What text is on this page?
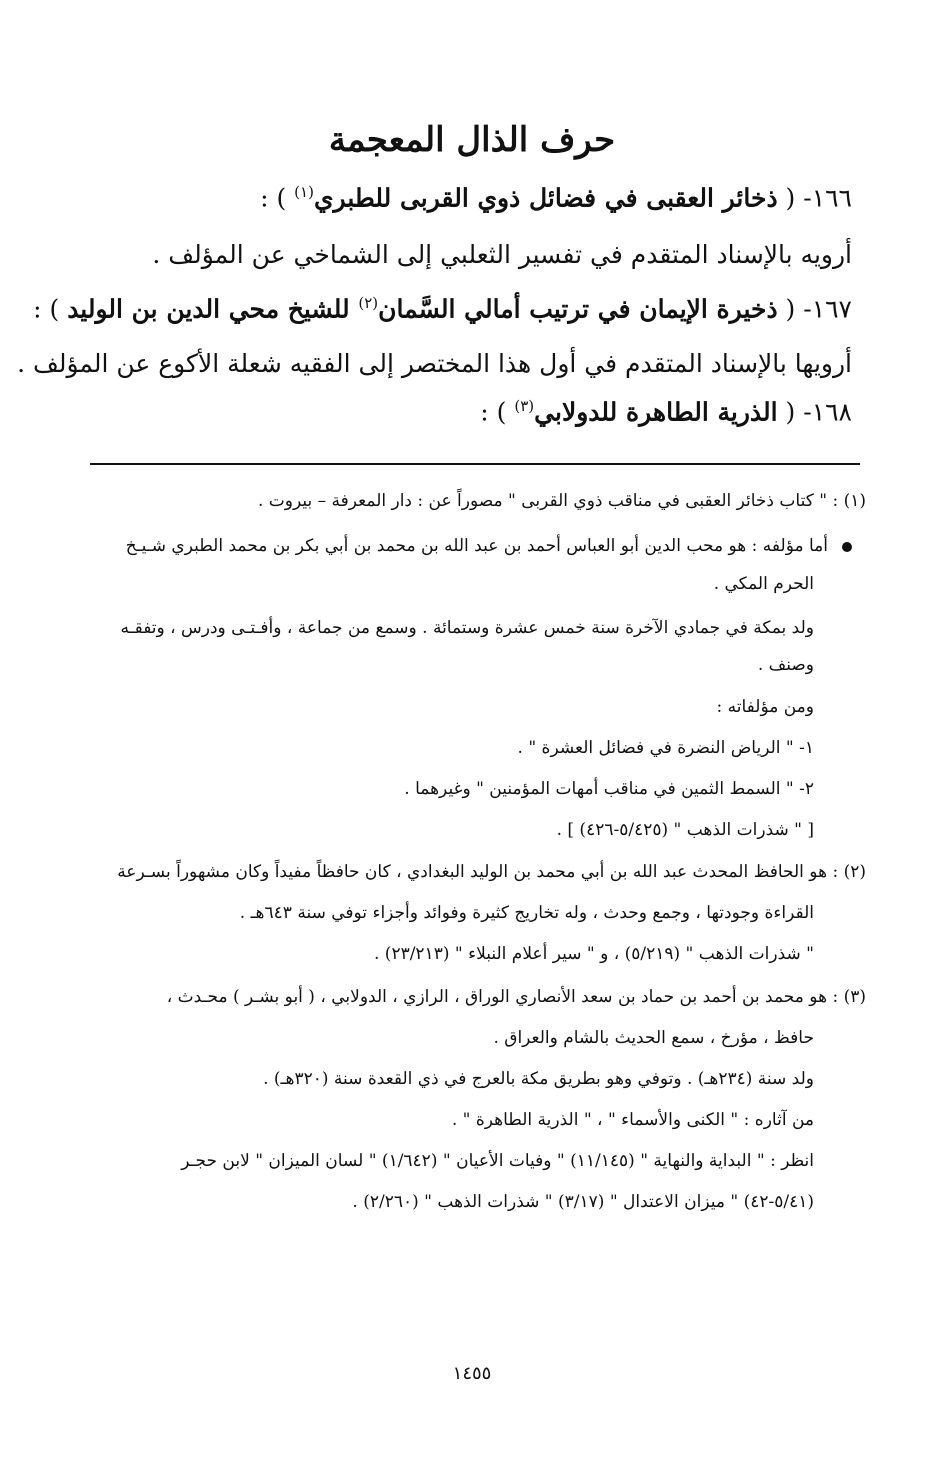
حرف الذال المعجمة
١٦٦- ( ذخائر العقبى في فضائل ذوي القربى للطبري$^{(١)}$ ) :
أرويه بالإسناد المتقدم في تفسير الثعلبي إلى الشماخي عن المؤلف .
١٦٧- ( ذخيرة الإيمان في ترتيب أمالي السَّمان$^{(٢)}$ للشيخ محي الدين بن الوليد ) :
أرويها بالإسناد المتقدم في أول هذا المختصر إلى الفقيه شعلة الأكوع عن المؤلف .
١٦٨- ( الذرية الطاهرة للدولابي$^{(٣)}$ ) :
(١) : " كتاب ذخائر العقبى في مناقب ذوي القربى " مصوراً عن : دار المعرفة – بيروت .
أما مؤلفه : هو محب الدين أبو العباس أحمد بن عبد الله بن محمد بن أبي بكر بن محمد الطبري شـيـخ
الحرم المكي .
ولد بمكة في جمادي الآخرة سنة خمس عشرة وستمائة . وسمع من جماعة ، وأفـتـى ودرس ، وتفقـه
وصنف .
ومن مؤلفاته :
١- " الرياض النضرة في فضائل العشرة " .
٢- " السمط الثمين في مناقب أمهات المؤمنين " وغيرهما .
[ " شذرات الذهب " (٥/٤٢٥-٤٢٦) ] .
(٢) : هو الحافظ المحدث عبد الله بن أبي محمد بن الوليد البغدادي ، كان حافظاً مفيداً وكان مشهوراً بسـرعة
القراءة وجودتها ، وجمع وحدث ، وله تخاريج كثيرة وفوائد وأجزاء توفي سنة ٦٤٣هـ .
" شذرات الذهب " (٥/٢١٩) ، و " سير أعلام النبلاء " (٢٣/٢١٣) .
(٣) : هو محمد بن أحمد بن حماد بن سعد الأنصاري الوراق ، الرازي ، الدولابي ، ( أبو بشـر ) محـدث ،
حافظ ، مؤرخ ، سمع الحديث بالشام والعراق .
ولد سنة (٢٣٤هـ) . وتوفي وهو بطريق مكة بالعرج في ذي القعدة سنة (٣٢٠هـ) .
من آثاره : " الكنى والأسماء " ، " الذرية الطاهرة " .
انظر : " البداية والنهاية " (١١/١٤٥) " وفيات الأعيان " (١/٦٤٢) " لسان الميزان " لابن حجـر
(٥/٤١-٤٢) " ميزان الاعتدال " (٣/١٧) " شذرات الذهب " (٢/٢٦٠) .
١٤٥٥
